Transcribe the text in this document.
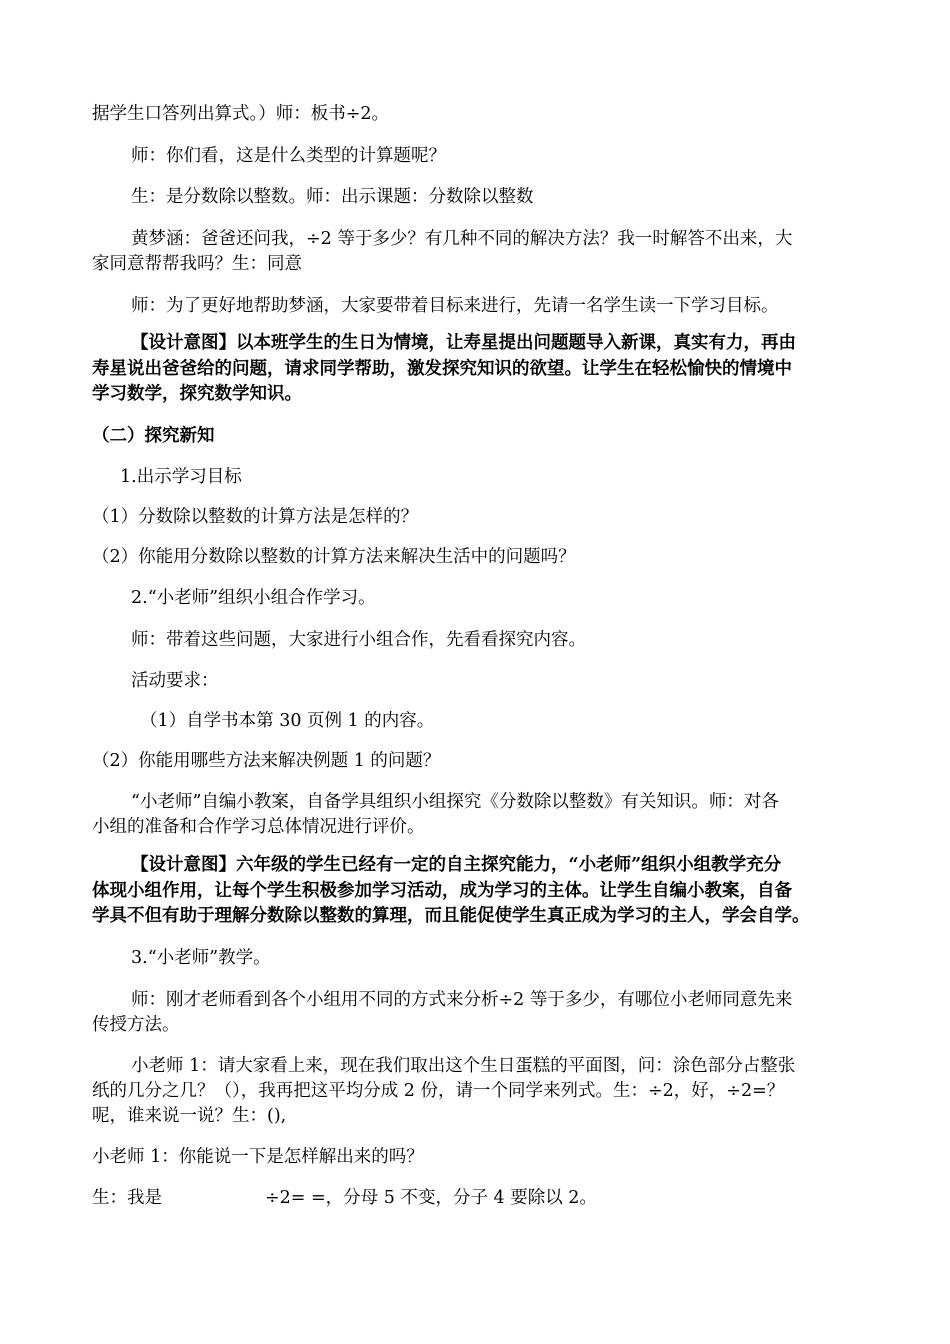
据学生口答列出算式。）师：板书÷2。
师：你们看，这是什么类型的计算题呢？
生：是分数除以整数。师：出示课题：分数除以整数
黄梦涵：爸爸还问我，÷2 等于多少？有几种不同的解决方法？我一时解答不出来，大
家同意帮帮我吗？生：同意
师：为了更好地帮助梦涵，大家要带着目标来进行，先请一名学生读一下学习目标。
【设计意图】以本班学生的生日为情境，让寿星提出问题题导入新课，真实有力，再由
寿星说出爸爸给的问题，请求同学帮助，激发探究知识的欲望。让学生在轻松愉快的情境中
学习数学，探究数学知识。
（二）探究新知
1.出示学习目标
（1）分数除以整数的计算方法是怎样的？
（2）你能用分数除以整数的计算方法来解决生活中的问题吗？
2.“小老师”组织小组合作学习。
师：带着这些问题，大家进行小组合作，先看看探究内容。
活动要求：
（1）自学书本第 30 页例 1 的内容。
（2）你能用哪些方法来解决例题 1 的问题？
“小老师”自编小教案，自备学具组织小组探究《分数除以整数》有关知识。师：对各
小组的准备和合作学习总体情况进行评价。
【设计意图】六年级的学生已经有一定的自主探究能力，“小老师”组织小组教学充分
体现小组作用，让每个学生积极参加学习活动，成为学习的主体。让学生自编小教案，自备
学具不但有助于理解分数除以整数的算理，而且能促使学生真正成为学习的主人，学会自学。
3.“小老师”教学。
师：刚才老师看到各个小组用不同的方式来分析÷2 等于多少，有哪位小老师同意先来
传授方法。
小老师 1：请大家看上来，现在我们取出这个生日蛋糕的平面图，问：涂色部分占整张
纸的几分之几？（），我再把这平均分成 2 份，请一个同学来列式。生：÷2，好，÷2=？
呢，谁来说一说？生：(),
小老师 1：你能说一下是怎样解出来的吗？
生：我是	÷2= =，分母 5 不变，分子 4 要除以 2。
